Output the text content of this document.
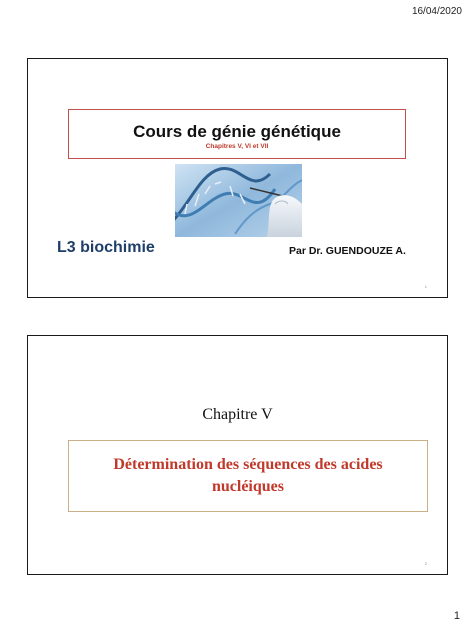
16/04/2020
Cours de génie génétique
Chapitres V, VI et VII
L3 biochimie	Par Dr. GUENDOUZE A.
1
Chapitre V
Détermination des séquences des acides nucléiques
2
1
